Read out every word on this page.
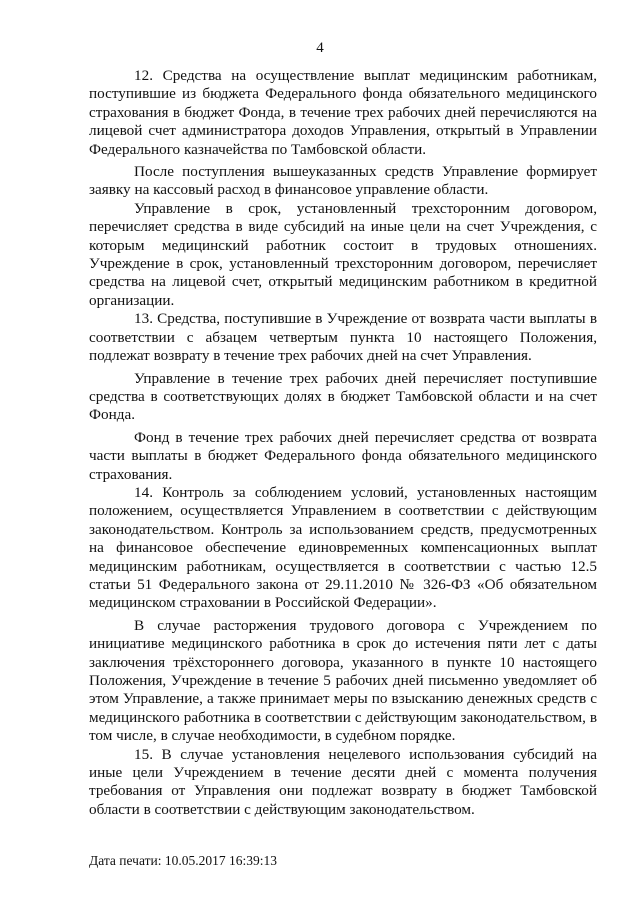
4

12. Средства на осуществление выплат медицинским работникам, поступившие из бюджета Федерального фонда обязательного медицинского страхования в бюджет Фонда, в течение трех рабочих дней перечисляются на лицевой счет администратора доходов Управления, открытый в Управлении Федерального казначейства по Тамбовской области.

После поступления вышеуказанных средств Управление формирует заявку на кассовый расход в финансовое управление области.

Управление в срок, установленный трехсторонним договором, перечисляет средства в виде субсидий на иные цели на счет Учреждения, с которым медицинский работник состоит в трудовых отношениях. Учреждение в срок, установленный трехсторонним договором, перечисляет средства на лицевой счет, открытый медицинским работником в кредитной организации.

13. Средства, поступившие в Учреждение от возврата части выплаты в соответствии с абзацем четвертым пункта 10 настоящего Положения, подлежат возврату в течение трех рабочих дней на счет Управления.

Управление в течение трех рабочих дней перечисляет поступившие средства в соответствующих долях в бюджет Тамбовской области и на счет Фонда.

Фонд в течение трех рабочих дней перечисляет средства от возврата части выплаты в бюджет Федерального фонда обязательного медицинского страхования.

14. Контроль за соблюдением условий, установленных настоящим положением, осуществляется Управлением в соответствии с действующим законодательством. Контроль за использованием средств, предусмотренных на финансовое обеспечение единовременных компенсационных выплат медицинским работникам, осуществляется в соответствии с частью 12.5 статьи 51 Федерального закона от 29.11.2010 № 326-ФЗ «Об обязательном медицинском страховании в Российской Федерации».

В случае расторжения трудового договора с Учреждением по инициативе медицинского работника в срок до истечения пяти лет с даты заключения трёхстороннего договора, указанного в пункте 10 настоящего Положения, Учреждение в течение 5 рабочих дней письменно уведомляет об этом Управление, а также принимает меры по взысканию денежных средств с медицинского работника в соответствии с действующим законодательством, в том числе, в случае необходимости, в судебном порядке.

15. В случае установления нецелевого использования субсидий на иные цели Учреждением в течение десяти дней с момента получения требования от Управления они подлежат возврату в бюджет Тамбовской области в соответствии с действующим законодательством.

Дата печати: 10.05.2017 16:39:13
